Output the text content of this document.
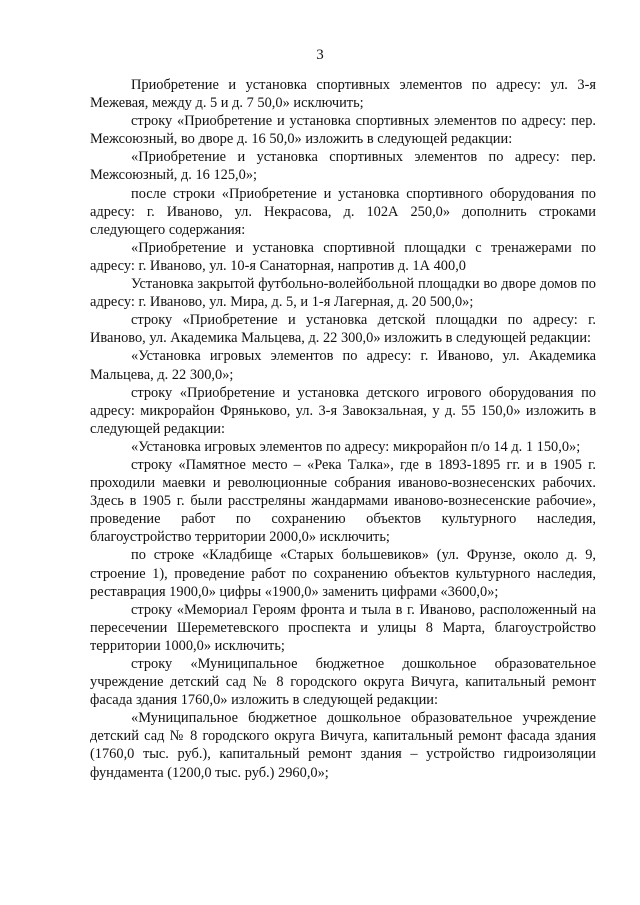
3

Приобретение и установка спортивных элементов по адресу: ул. 3-я Межевая, между д. 5 и д. 7 50,0» исключить;

строку «Приобретение и установка спортивных элементов по адресу: пер. Межсоюзный, во дворе д. 16 50,0» изложить в следующей редакции:

«Приобретение и установка спортивных элементов по адресу: пер. Межсоюзный, д. 16 125,0»;

после строки «Приобретение и установка спортивного оборудования по адресу: г. Иваново, ул. Некрасова, д. 102А 250,0» дополнить строками следующего содержания:

«Приобретение и установка спортивной площадки с тренажерами по адресу: г. Иваново, ул. 10-я Санаторная, напротив д. 1А 400,0

Установка закрытой футбольно-волейбольной площадки во дворе домов по адресу: г. Иваново, ул. Мира, д. 5, и 1-я Лагерная, д. 20 500,0»;

строку «Приобретение и установка детской площадки по адресу: г. Иваново, ул. Академика Мальцева, д. 22 300,0» изложить в следующей редакции:

«Установка игровых элементов по адресу: г. Иваново, ул. Академика Мальцева, д. 22 300,0»;

строку «Приобретение и установка детского игрового оборудования по адресу: микрорайон Фряньково, ул. 3-я Завокзальная, у д. 55 150,0» изложить в следующей редакции:

«Установка игровых элементов по адресу: микрорайон п/о 14 д. 1 150,0»;

строку «Памятное место – «Река Талка», где в 1893-1895 гг. и в 1905 г. проходили маевки и революционные собрания иваново-вознесенских рабочих. Здесь в 1905 г. были расстреляны жандармами иваново-вознесенские рабочие», проведение работ по сохранению объектов культурного наследия, благоустройство территории 2000,0» исключить;

по строке «Кладбище «Старых большевиков» (ул. Фрунзе, около д. 9, строение 1), проведение работ по сохранению объектов культурного наследия, реставрация 1900,0» цифры «1900,0» заменить цифрами «3600,0»;

строку «Мемориал Героям фронта и тыла в г. Иваново, расположенный на пересечении Шереметевского проспекта и улицы 8 Марта, благоустройство территории 1000,0» исключить;

строку «Муниципальное бюджетное дошкольное образовательное учреждение детский сад № 8 городского округа Вичуга, капитальный ремонт фасада здания 1760,0» изложить в следующей редакции:

«Муниципальное бюджетное дошкольное образовательное учреждение детский сад № 8 городского округа Вичуга, капитальный ремонт фасада здания (1760,0 тыс. руб.), капитальный ремонт здания – устройство гидроизоляции фундамента (1200,0 тыс. руб.) 2960,0»;
